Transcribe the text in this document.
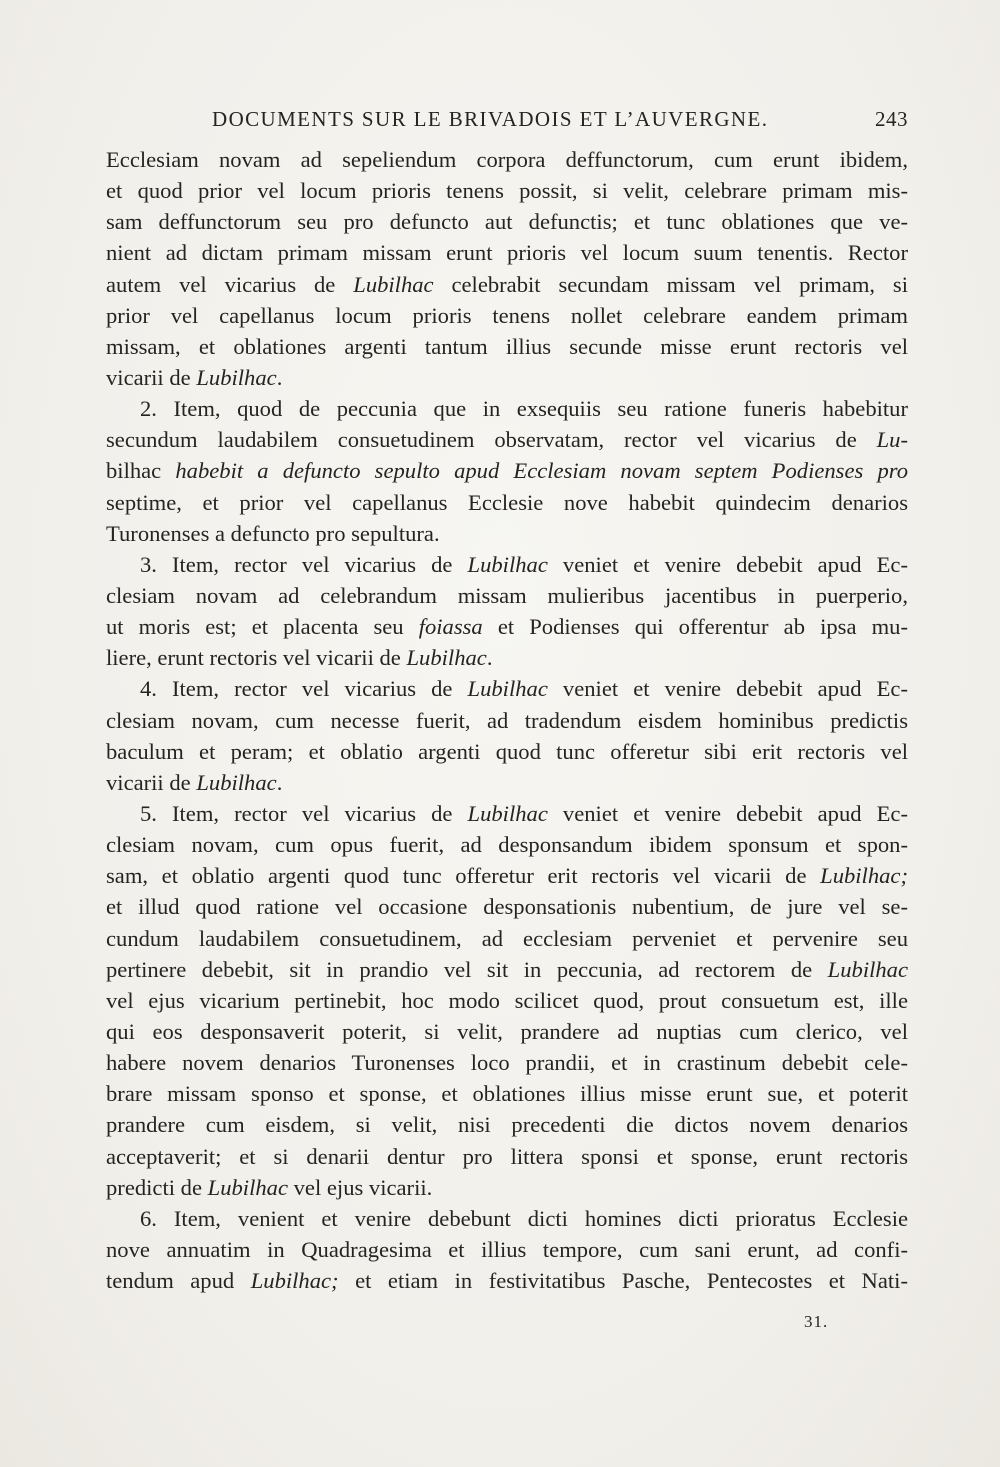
DOCUMENTS SUR LE BRIVADOIS ET L’AUVERGNE.	243
Ecclesiam novam ad sepeliendum corpora deffunctorum, cum erunt ibidem,
et quod prior vel locum prioris tenens possit, si velit, celebrare primam mis-
sam deffunctorum seu pro defuncto aut defunctis; et tunc oblationes que ve-
nient ad dictam primam missam erunt prioris vel locum suum tenentis. Rector
autem vel vicarius de Lubilhac celebrabit secundam missam vel primam, si
prior vel capellanus locum prioris tenens nollet celebrare eandem primam
missam, et oblationes argenti tantum illius secunde misse erunt rectoris vel
vicarii de Lubilhac.
2. Item, quod de peccunia que in exsequiis seu ratione funeris habebitur
secundum laudabilem consuetudinem observatam, rector vel vicarius de Lu-
bilhac habebit a defuncto sepulto apud Ecclesiam novam septem Podienses pro
septime, et prior vel capellanus Ecclesie nove habebit quindecim denarios
Turonenses a defuncto pro sepultura.
3. Item, rector vel vicarius de Lubilhac veniet et venire debebit apud Ec-
clesiam novam ad celebrandum missam mulieribus jacentibus in puerperio,
ut moris est; et placenta seu foiassa et Podienses qui offerentur ab ipsa mu-
liere, erunt rectoris vel vicarii de Lubilhac.
4. Item, rector vel vicarius de Lubilhac veniet et venire debebit apud Ec-
clesiam novam, cum necesse fuerit, ad tradendum eisdem hominibus predictis
baculum et peram; et oblatio argenti quod tunc offeretur sibi erit rectoris vel
vicarii de Lubilhac.
5. Item, rector vel vicarius de Lubilhac veniet et venire debebit apud Ec-
clesiam novam, cum opus fuerit, ad desponsandum ibidem sponsum et spon-
sam, et oblatio argenti quod tunc offeretur erit rectoris vel vicarii de Lubilhac;
et illud quod ratione vel occasione desponsationis nubentium, de jure vel se-
cundum laudabilem consuetudinem, ad ecclesiam perveniet et pervenire seu
pertinere debebit, sit in prandio vel sit in peccunia, ad rectorem de Lubilhac
vel ejus vicarium pertinebit, hoc modo scilicet quod, prout consuetum est, ille
qui eos desponsaverit poterit, si velit, prandere ad nuptias cum clerico, vel
habere novem denarios Turonenses loco prandii, et in crastinum debebit cele-
brare missam sponso et sponse, et oblationes illius misse erunt sue, et poterit
prandere cum eisdem, si velit, nisi precedenti die dictos novem denarios
acceptaverit; et si denarii dentur pro littera sponsi et sponse, erunt rectoris
predicti de Lubilhac vel ejus vicarii.
6. Item, venient et venire debebunt dicti homines dicti prioratus Ecclesie
nove annuatim in Quadragesima et illius tempore, cum sani erunt, ad confi-
tendum apud Lubilhac; et etiam in festivitatibus Pasche, Pentecostes et Nati-
31.
